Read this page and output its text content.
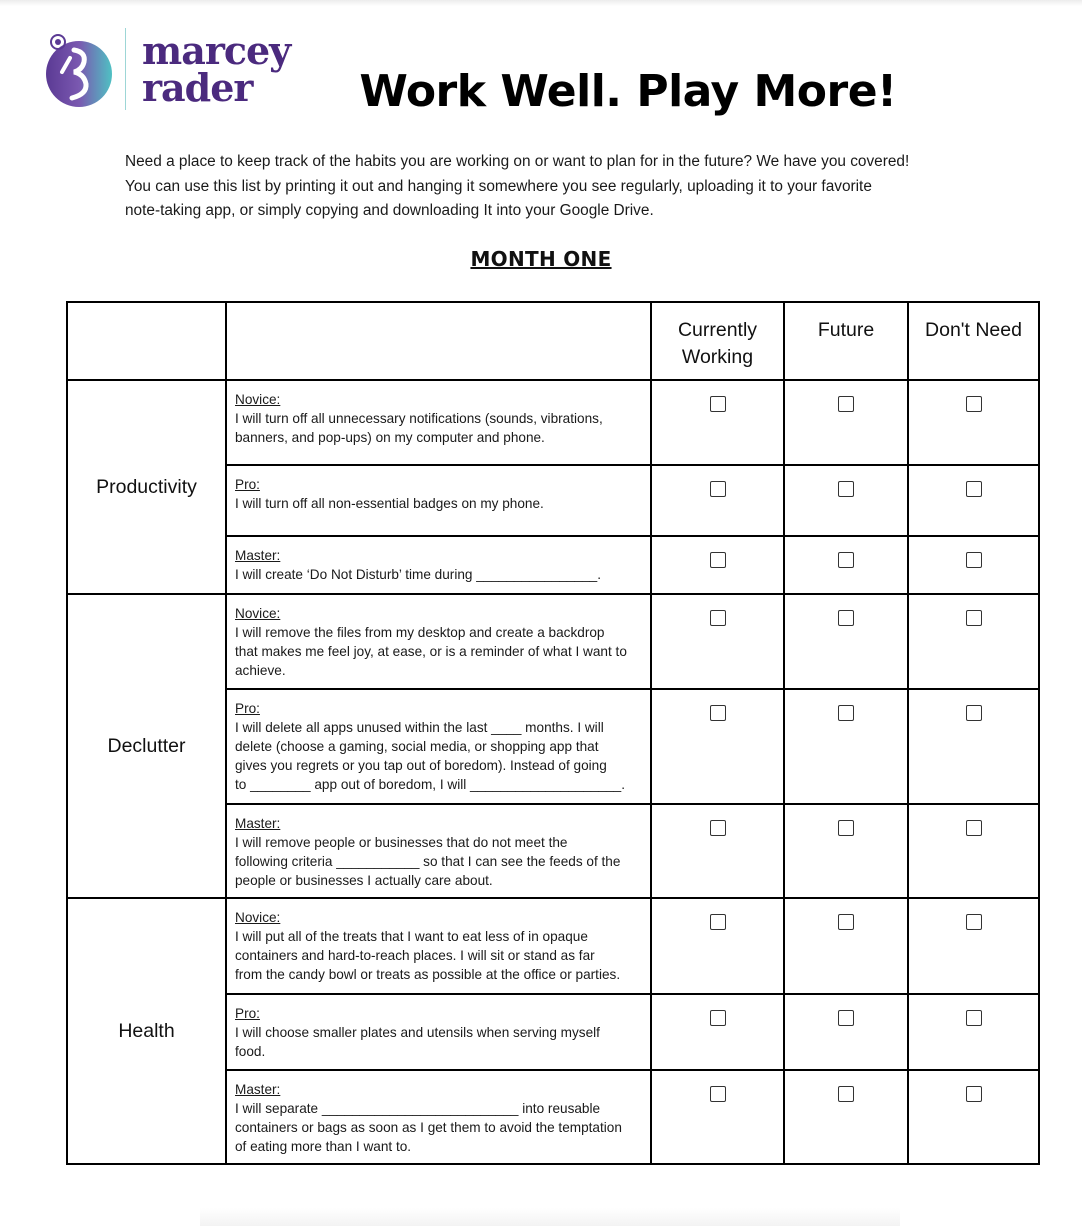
marcey
rader	Work Well. Play More!
Need a place to keep track of the habits you are working on or want to plan for in the future? We have you covered!
You can use this list by printing it out and hanging it somewhere you see regularly, uploading it to your favorite
note-taking app, or simply copying and downloading It into your Google Drive.
MONTH ONE

		Currently
Working	Future	Don't Need
Productivity	Novice:
I will turn off all unnecessary notifications (sounds, vibrations,
banners, and pop-ups) on my computer and phone.			

	Pro:
I will turn off all non-essential badges on my phone.			

	Master:
I will create ‘Do Not Disturb’ time during ________________.			

Declutter	Novice:
I will remove the files from my desktop and create a backdrop
that makes me feel joy, at ease, or is a reminder of what I want to
achieve.			

	Pro:
I will delete all apps unused within the last ____ months. I will
delete (choose a gaming, social media, or shopping app that
gives you regrets or you tap out of boredom). Instead of going
to ________ app out of boredom, I will ____________________.			

	Master:
I will remove people or businesses that do not meet the
following criteria ___________ so that I can see the feeds of the
people or businesses I actually care about.			

Health	Novice:
I will put all of the treats that I want to eat less of in opaque
containers and hard-to-reach places. I will sit or stand as far
from the candy bowl or treats as possible at the office or parties.			

	Pro:
I will choose smaller plates and utensils when serving myself
food.			

	Master:
I will separate __________________________ into reusable
containers or bags as soon as I get them to avoid the temptation
of eating more than I want to.			
